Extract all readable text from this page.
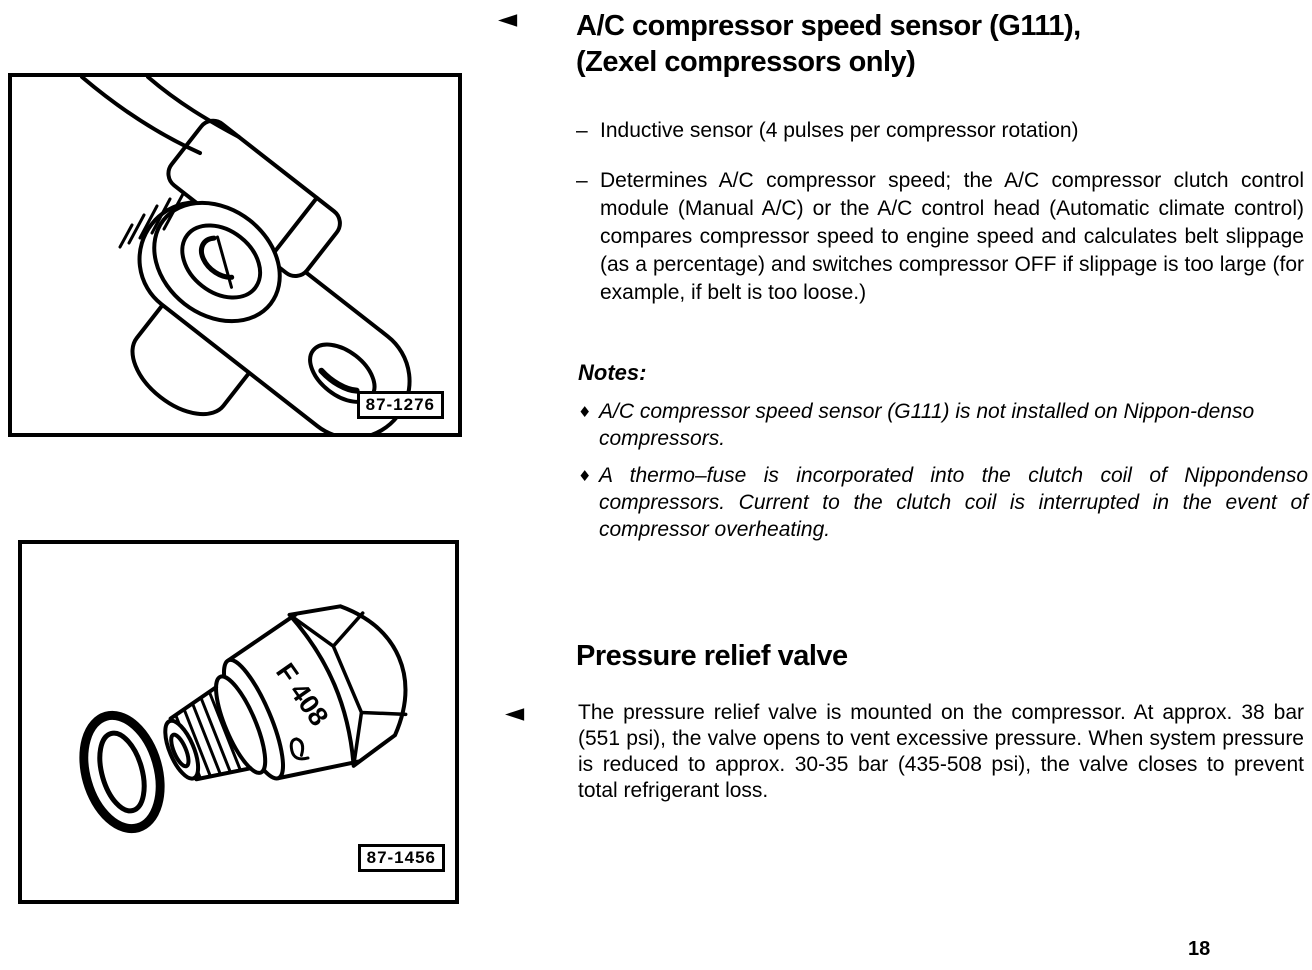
87-1276
F 408
87-1456
◄ A/C compressor speed sensor (G111),
(Zexel compressors only)
– Inductive sensor (4 pulses per compressor rotation)
– Determines A/C compressor speed; the A/C compressor clutch control module (Manual A/C) or the A/C control head (Automatic climate control) compares compressor speed to engine speed and calculates belt slippage (as a percentage) and switches compressor OFF if slippage is too large (for example, if belt is too loose.)
Notes:
♦ A/C compressor speed sensor (G111) is not installed on Nippon-denso compressors.
♦ A thermo–fuse is incorporated into the clutch coil of Nippondenso compressors. Current to the clutch coil is interrupted in the event of compressor overheating.
Pressure relief valve
◄	The pressure relief valve is mounted on the compressor. At approx. 38 bar (551 psi), the valve opens to vent excessive pressure. When system pressure is reduced to approx. 30-35 bar (435-508 psi), the valve closes to prevent total refrigerant loss.
18
